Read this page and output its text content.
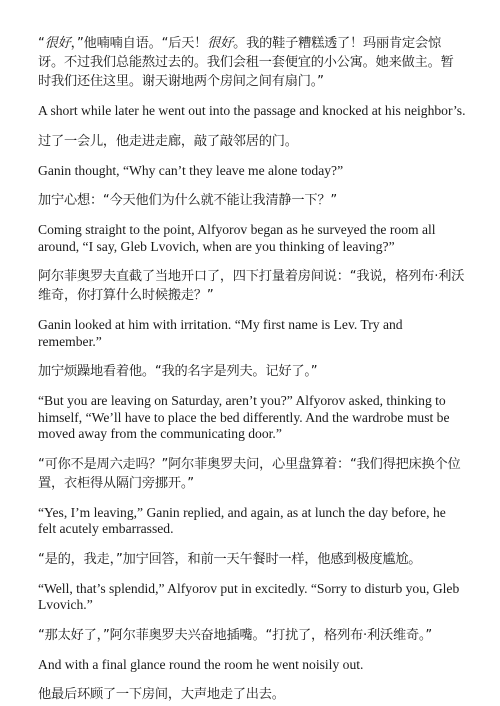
“很好，”他喃喃自语。“后天！很好。我的鞋子糟糕透了！玛丽肯定会惊讶。不过我们总能熬过去的。我们会租一套便宜的小公寓。她来做主。暂时我们还住这里。谢天谢地两个房间之间有扇门。”

A short while later he went out into the passage and knocked at his neighbor’s.

过了一会儿，他走进走廊，敲了敲邻居的门。

Ganin thought, “Why can’t they leave me alone today?”

加宁心想：“今天他们为什么就不能让我清静一下？”

Coming straight to the point, Alfyorov began as he surveyed the room all around, “I say, Gleb Lvovich, when are you thinking of leaving?”

阿尔菲奥罗夫直截了当地开口了，四下打量着房间说：“我说，格列布·利沃维奇，你打算什么时候搬走？”

Ganin looked at him with irritation. “My first name is Lev. Try and remember.”

加宁烦躁地看着他。“我的名字是列夫。记好了。”

“But you are leaving on Saturday, aren’t you?” Alfyorov asked, thinking to himself, “We’ll have to place the bed differently. And the wardrobe must be moved away from the communicating door.”

“可你不是周六走吗？”阿尔菲奥罗夫问，心里盘算着：“我们得把床换个位置，衣柜得从隔门旁挪开。”

“Yes, I’m leaving,” Ganin replied, and again, as at lunch the day before, he felt acutely embarrassed.

“是的，我走，”加宁回答，和前一天午餐时一样，他感到极度尴尬。

“Well, that’s splendid,” Alfyorov put in excitedly. “Sorry to disturb you, Gleb Lvovich.”

“那太好了，”阿尔菲奥罗夫兴奋地插嘴。“打扰了，格列布·利沃维奇。”

And with a final glance round the room he went noisily out.

他最后环顾了一下房间，大声地走了出去。
